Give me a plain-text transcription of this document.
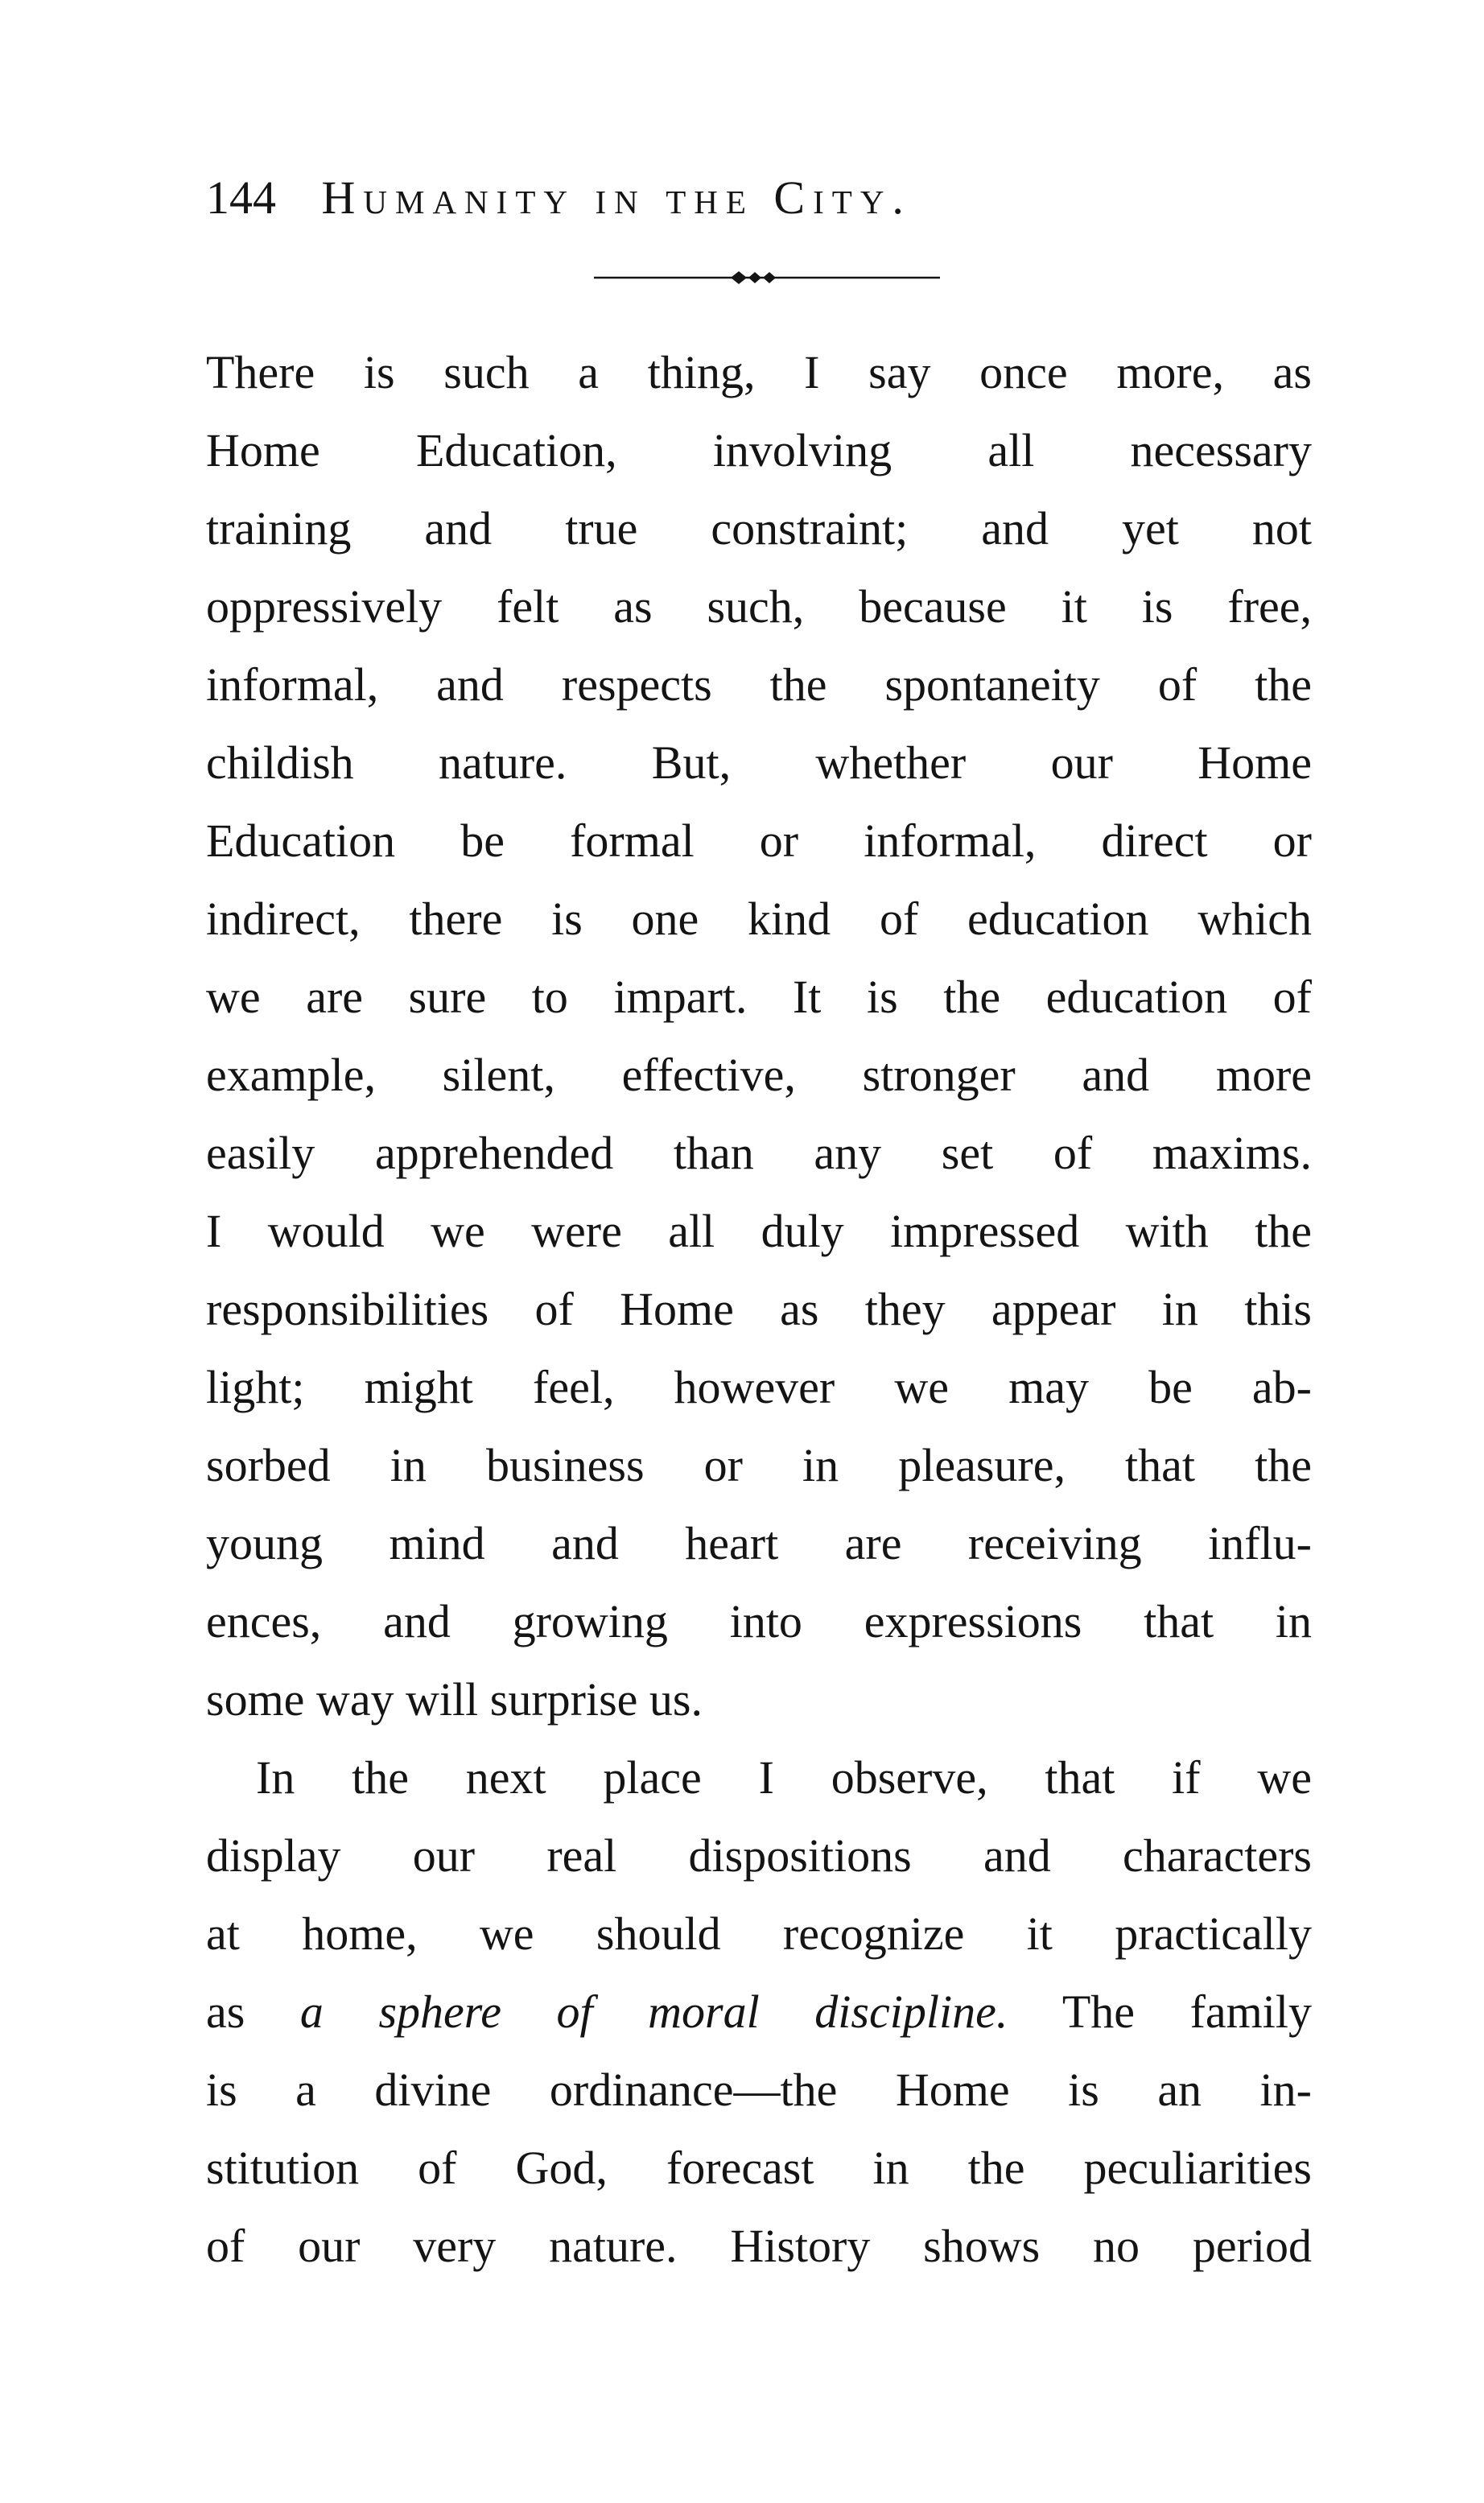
144 Humanity in the City.
There is such a thing, I say once more, as
Home Education, involving all necessary
training and true constraint; and yet not
oppressively felt as such, because it is free,
informal, and respects the spontaneity of the
childish nature. But, whether our Home
Education be formal or informal, direct or
indirect, there is one kind of education which
we are sure to impart. It is the education of
example, silent, effective, stronger and more
easily apprehended than any set of maxims.
I would we were all duly impressed with the
responsibilities of Home as they appear in this
light; might feel, however we may be ab-
sorbed in business or in pleasure, that the
young mind and heart are receiving influ-
ences, and growing into expressions that in
some way will surprise us.
In the next place I observe, that if we
display our real dispositions and characters
at home, we should recognize it practically
as a sphere of moral discipline. The family
is a divine ordinance—the Home is an in-
stitution of God, forecast in the peculiarities
of our very nature. History shows no period
